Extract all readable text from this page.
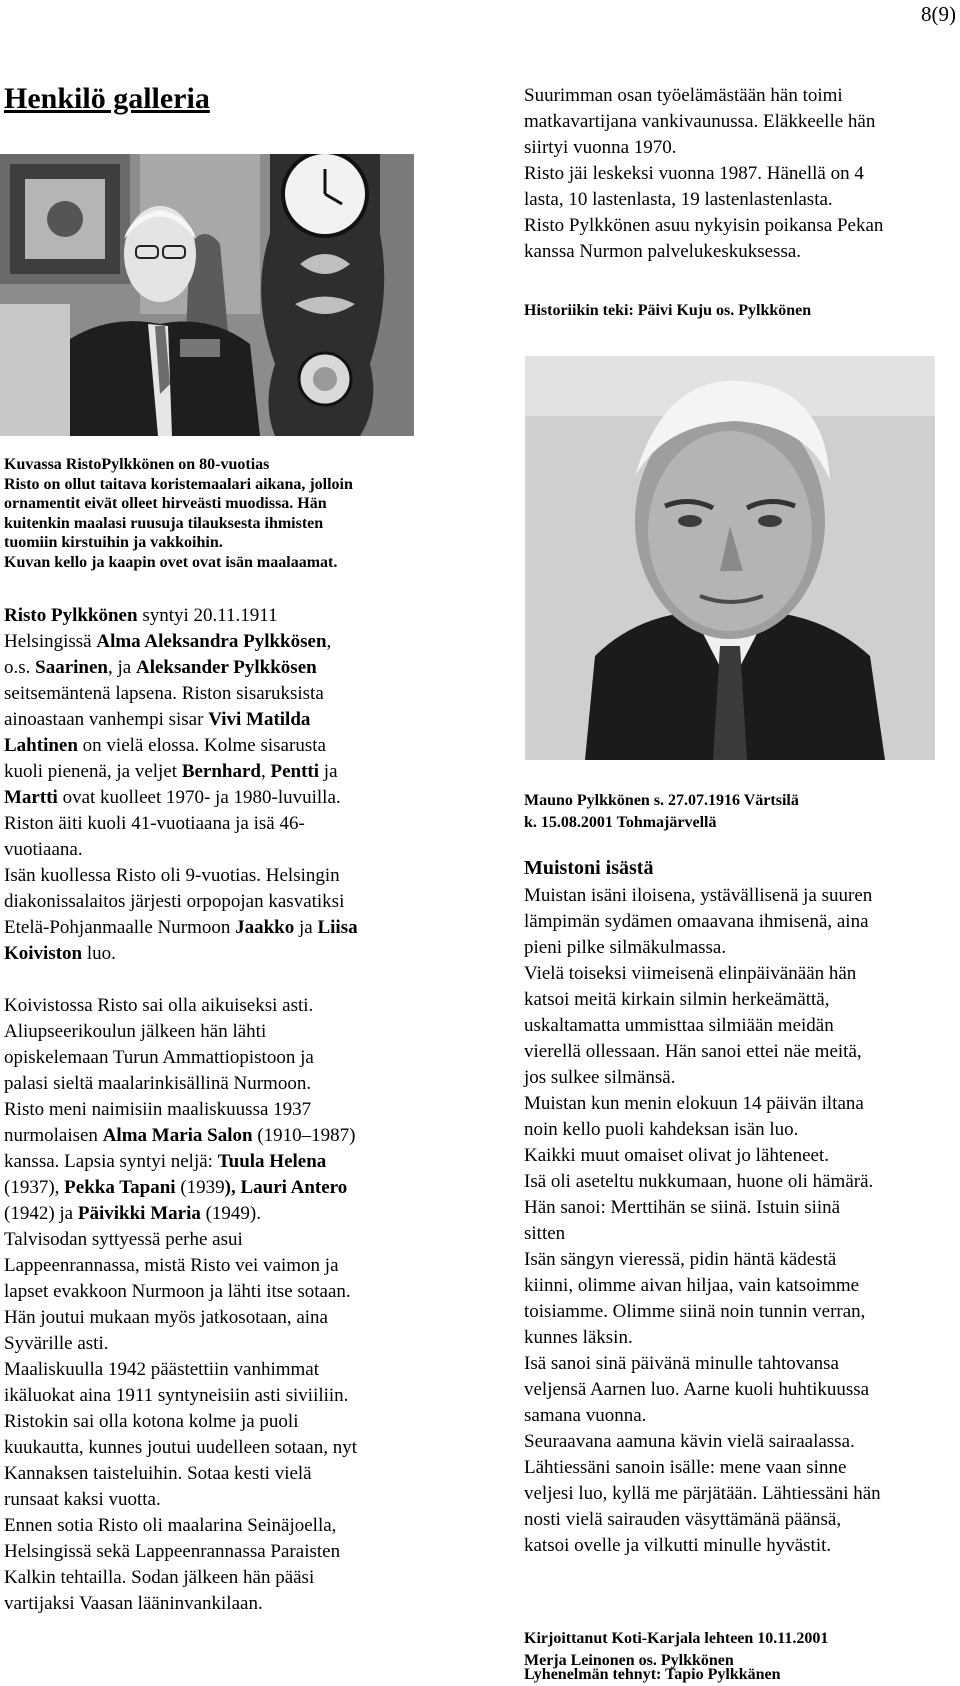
8(9)
Henkilö galleria
Kuvassa RistoPylkkönen on 80-vuotias
Risto on ollut taitava koristemaalari aikana, jolloin
ornamentit eivät olleet hirveästi muodissa. Hän
kuitenkin maalasi ruusuja tilauksesta ihmisten
tuomiin kirstuihin ja vakkoihin.
Kuvan kello ja kaapin ovet ovat isän maalaamat.
Risto Pylkkönen syntyi 20.11.1911
Helsingissä Alma Aleksandra Pylkkösen,
o.s. Saarinen, ja Aleksander Pylkkösen
seitsemäntenä lapsena. Riston sisaruksista
ainoastaan vanhempi sisar Vivi Matilda
Lahtinen on vielä elossa. Kolme sisarusta
kuoli pienenä, ja veljet Bernhard, Pentti ja
Martti ovat kuolleet 1970- ja 1980-luvuilla.
Riston äiti kuoli 41-vuotiaana ja isä 46-
vuotiaana.
Isän kuollessa Risto oli 9-vuotias. Helsingin
diakonissalaitos järjesti orpopojan kasvatiksi
Etelä-Pohjanmaalle Nurmoon Jaakko ja Liisa
Koiviston luo.
Koivistossa Risto sai olla aikuiseksi asti.
Aliupseerikoulun jälkeen hän lähti
opiskelemaan Turun Ammattiopistoon ja
palasi sieltä maalarinkisällinä Nurmoon.
Risto meni naimisiin maaliskuussa 1937
nurmolaisen Alma Maria Salon (1910–1987)
kanssa. Lapsia syntyi neljä: Tuula Helena
(1937), Pekka Tapani (1939), Lauri Antero
(1942) ja Päivikki Maria (1949).
Talvisodan syttyessä perhe asui
Lappeenrannassa, mistä Risto vei vaimon ja
lapset evakkoon Nurmoon ja lähti itse sotaan.
Hän joutui mukaan myös jatkosotaan, aina
Syvärille asti.
Maaliskuulla 1942 päästettiin vanhimmat
ikäluokat aina 1911 syntyneisiin asti siviiliin.
Ristokin sai olla kotona kolme ja puoli
kuukautta, kunnes joutui uudelleen sotaan, nyt
Kannaksen taisteluihin. Sotaa kesti vielä
runsaat kaksi vuotta.
Ennen sotia Risto oli maalarina Seinäjoella,
Helsingissä sekä Lappeenrannassa Paraisten
Kalkin tehtailla. Sodan jälkeen hän pääsi
vartijaksi Vaasan lääninvankilaan.
Suurimman osan työelämästään hän toimi
matkavartijana vankivaunussa. Eläkkeelle hän
siirtyi vuonna 1970.
Risto jäi leskeksi vuonna 1987. Hänellä on 4
lasta, 10 lastenlasta, 19 lastenlastenlasta.
Risto Pylkkönen asuu nykyisin poikansa Pekan
kanssa Nurmon palvelukeskuksessa.
Historiikin teki: Päivi Kuju os. Pylkkönen
Mauno Pylkkönen s. 27.07.1916 Värtsilä
k. 15.08.2001 Tohmajärvellä
Muistoni isästä
Muistan isäni iloisena, ystävällisenä ja suuren
lämpimän sydämen omaavana ihmisenä, aina
pieni pilke silmäkulmassa.
Vielä toiseksi viimeisenä elinpäivänään hän
katsoi meitä kirkain silmin herkeämättä,
uskaltamatta ummisttaa silmiään meidän
vierellä ollessaan. Hän sanoi ettei näe meitä,
jos sulkee silmänsä.
Muistan kun menin elokuun 14 päivän iltana
noin kello puoli kahdeksan isän luo.
Kaikki muut omaiset olivat jo lähteneet.
Isä oli aseteltu nukkumaan, huone oli hämärä.
Hän sanoi: Merttihän se siinä. Istuin siinä
sitten
Isän sängyn vieressä, pidin häntä kädestä
kiinni, olimme aivan hiljaa, vain katsoimme
toisiamme. Olimme siinä noin tunnin verran,
kunnes läksin.
Isä sanoi sinä päivänä minulle tahtovansa
veljensä Aarnen luo. Aarne kuoli huhtikuussa
samana vuonna.
Seuraavana aamuna kävin vielä sairaalassa.
Lähtiessäni sanoin isälle: mene vaan sinne
veljesi luo, kyllä me pärjätään. Lähtiessäni hän
nosti vielä sairauden väsyttämänä päänsä,
katsoi ovelle ja vilkutti minulle hyvästit.
Kirjoittanut Koti-Karjala lehteen 10.11.2001
Merja Leinonen os. Pylkkönen
Lyhenelmän tehnyt: Tapio Pylkkänen
